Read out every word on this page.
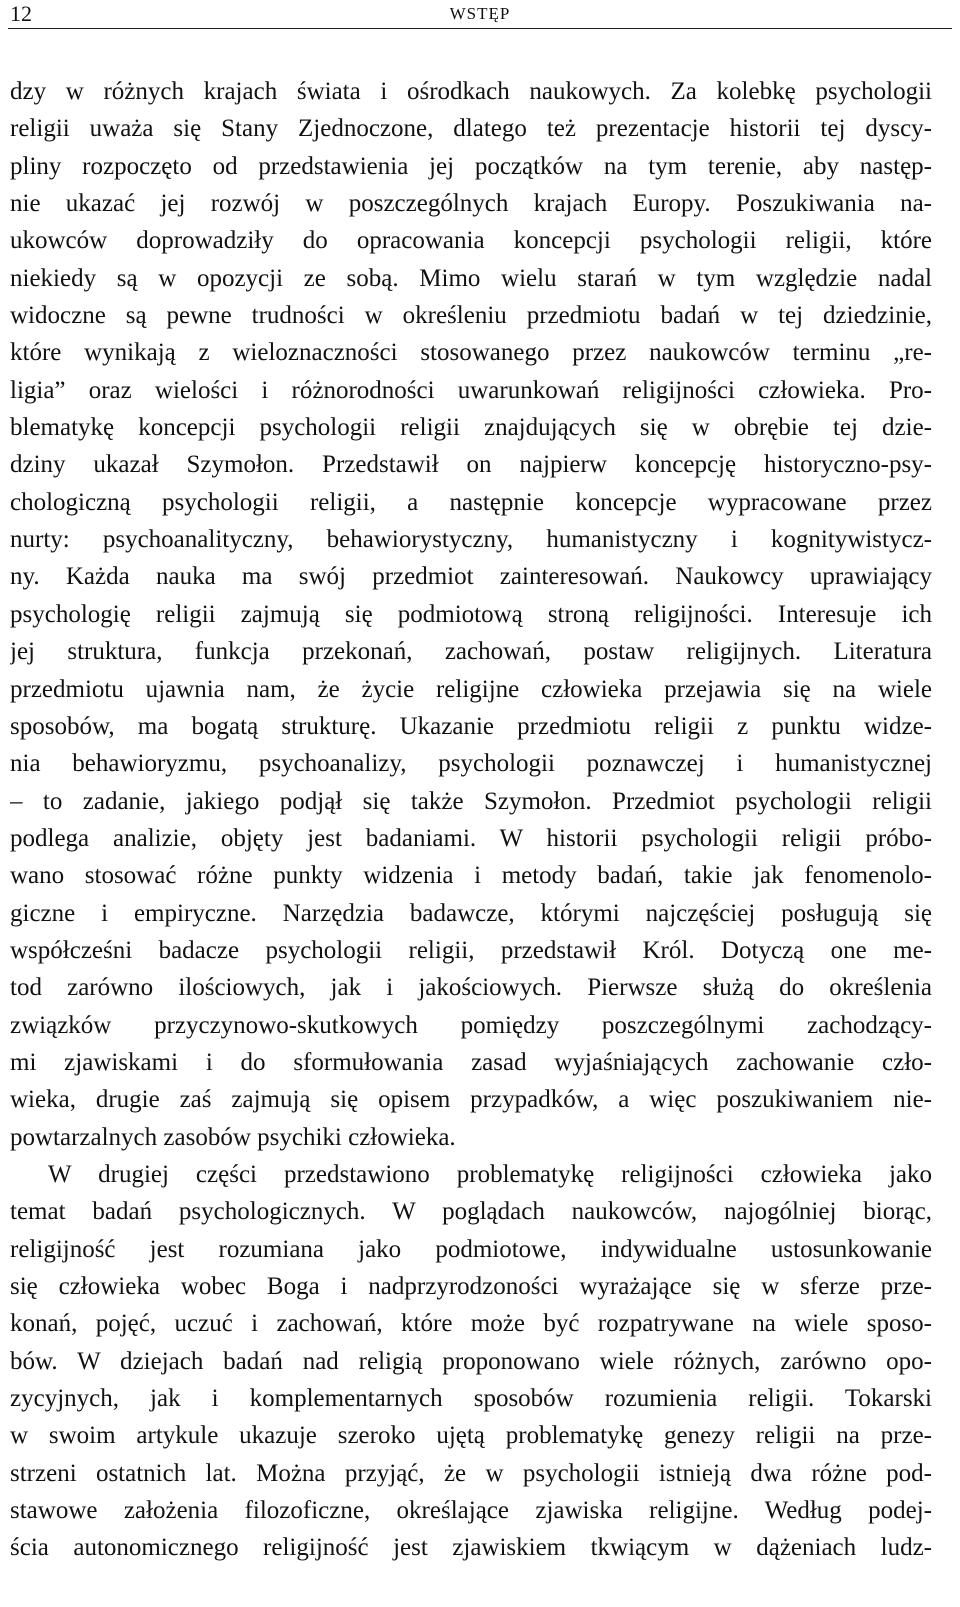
12	WSTĘP
dzy w różnych krajach świata i ośrodkach naukowych. Za kolebkę psychologii
religii uważa się Stany Zjednoczone, dlatego też prezentacje historii tej dyscy-
pliny rozpoczęto od przedstawienia jej początków na tym terenie, aby następ-
nie ukazać jej rozwój w poszczególnych krajach Europy. Poszukiwania na-
ukowców doprowadziły do opracowania koncepcji psychologii religii, które
niekiedy są w opozycji ze sobą. Mimo wielu starań w tym względzie nadal
widoczne są pewne trudności w określeniu przedmiotu badań w tej dziedzinie,
które wynikają z wieloznaczności stosowanego przez naukowców terminu „re-
ligia” oraz wielości i różnorodności uwarunkowań religijności człowieka. Pro-
blematykę koncepcji psychologii religii znajdujących się w obrębie tej dzie-
dziny ukazał Szymołon. Przedstawił on najpierw koncepcję historyczno-psy-
chologiczną psychologii religii, a następnie koncepcje wypracowane przez
nurty: psychoanalityczny, behawiorystyczny, humanistyczny i kognitywistycz-
ny. Każda nauka ma swój przedmiot zainteresowań. Naukowcy uprawiający
psychologię religii zajmują się podmiotową stroną religijności. Interesuje ich
jej struktura, funkcja przekonań, zachowań, postaw religijnych. Literatura
przedmiotu ujawnia nam, że życie religijne człowieka przejawia się na wiele
sposobów, ma bogatą strukturę. Ukazanie przedmiotu religii z punktu widze-
nia behawioryzmu, psychoanalizy, psychologii poznawczej i humanistycznej
– to zadanie, jakiego podjął się także Szymołon. Przedmiot psychologii religii
podlega analizie, objęty jest badaniami. W historii psychologii religii próbo-
wano stosować różne punkty widzenia i metody badań, takie jak fenomenolo-
giczne i empiryczne. Narzędzia badawcze, którymi najczęściej posługują się
współcześni badacze psychologii religii, przedstawił Król. Dotyczą one me-
tod zarówno ilościowych, jak i jakościowych. Pierwsze służą do określenia
związków przyczynowo-skutkowych pomiędzy poszczególnymi zachodzący-
mi zjawiskami i do sformułowania zasad wyjaśniających zachowanie czło-
wieka, drugie zaś zajmują się opisem przypadków, a więc poszukiwaniem nie-
powtarzalnych zasobów psychiki człowieka.
W drugiej części przedstawiono problematykę religijności człowieka jako
temat badań psychologicznych. W poglądach naukowców, najogólniej biorąc,
religijność jest rozumiana jako podmiotowe, indywidualne ustosunkowanie
się człowieka wobec Boga i nadprzyrodzoności wyrażające się w sferze prze-
konań, pojęć, uczuć i zachowań, które może być rozpatrywane na wiele sposo-
bów. W dziejach badań nad religią proponowano wiele różnych, zarówno opo-
zycyjnych, jak i komplementarnych sposobów rozumienia religii. Tokarski
w swoim artykule ukazuje szeroko ujętą problematykę genezy religii na prze-
strzeni ostatnich lat. Można przyjąć, że w psychologii istnieją dwa różne pod-
stawowe założenia filozoficzne, określające zjawiska religijne. Według podej-
ścia autonomicznego religijność jest zjawiskiem tkwiącym w dążeniach ludz-
